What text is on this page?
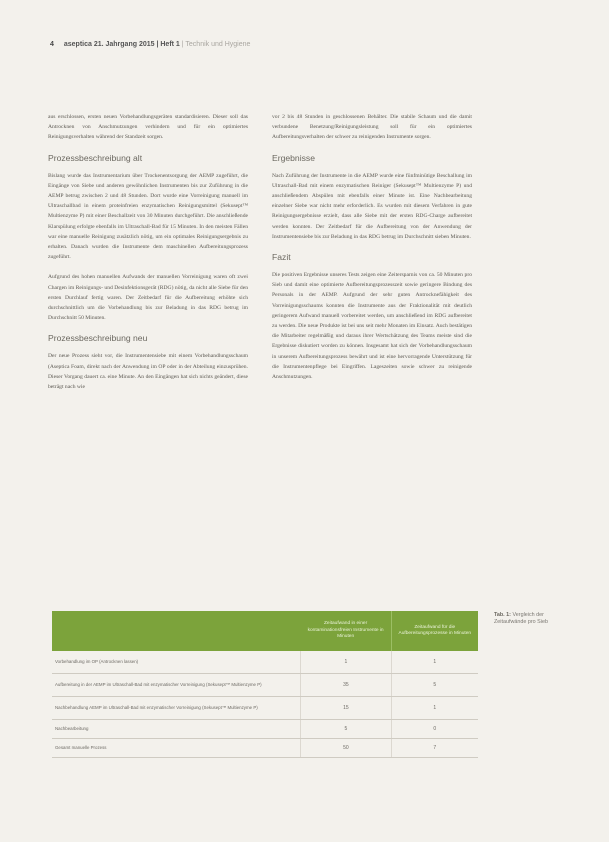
4 aseptica 21. Jahrgang 2015 | Heft 1 | Technik und Hygiene

aus erschlossen, ersten neuen Vorbehandlungsgeräten standardisieren. Dieser soll das Antrocknen von Anschmutzungen verhindern und für ein optimiertes Reinigungsverhalten während der Standzeit sorgen.

Prozessbeschreibung alt

Bislang wurde das Instrumentarium über Trockenentsorgung der AEMP zugeführt, die Eingänge von Siebe und anderen gewöhnlichen Instrumenten bis zur Zuführung in die AEMP betrug zwischen 2 und 48 Stunden. Dort wurde eine Vorreinigung manuell im Ultraschallbad in einem proteinfreien enzymatischen Reinigungsmittel (Sekusept™ Multienzyme P) mit einer Beschallzeit von 30 Minuten durchgeführt. Die anschließende Klarspülung erfolgte ebenfalls im Ultraschall-Bad für 15 Minuten. In den meisten Fällen war eine manuelle Reinigung zusätzlich nötig, um ein optimales Reinigungsergebnis zu erhalten. Danach wurden die Instrumente dem maschinellen Aufbereitungsprozess zugeführt.

Aufgrund des hohen manuellen Aufwands der manuellen Vorreinigung waren oft zwei Chargen im Reinigungs- und Desinfektionsgerät (RDG) nötig, da nicht alle Siebe für den ersten Durchlauf fertig waren. Der Zeitbedarf für die Aufbereitung erhöhte sich durchschnittlich um die Vorbehandlung bis zur Beladung in das RDG betrug im Durchschnitt 50 Minuten.

Prozessbeschreibung neu

Der neue Prozess sieht vor, die Instrumentensiebe mit einem Vorbehandlungsschaum (Aseptica Foam, direkt nach der Anwendung im OP oder in der Abteilung einzusprühen. Dieser Vorgang dauert ca. eine Minute. An den Eingängen hat sich nichts geändert, diese beträgt nach wie

vor 2 bis 48 Stunden in geschlossenen Behälter. Die stabile Schaum und die damit verbundene Benetzung/Reinigungsleistung soll für ein optimiertes Aufbereitungsverhalten der schwer zu reinigenden Instrumente sorgen.

Ergebnisse

Nach Zuführung der Instrumente in die AEMP wurde eine fünfminütige Beschallung im Ultraschall-Bad mit einem enzymatischen Reiniger (Sekusept™ Multienzyme P) und anschließendem Abspülen mit ebenfalls einer Minute ist. Eine Nachbearbeitung einzelner Siebe war nicht mehr erforderlich. Es wurden mit diesem Verfahren in gute Reinigungsergebnisse erzielt, dass alle Siebe mit der ersten RDG-Charge aufbereitet werden konnten. Der Zeitbedarf für die Aufbereitung von der Anwendung der Instrumentensiebe bis zur Beladung in das RDG betrug im Durchschnitt sieben Minuten.

Fazit

Die positiven Ergebnisse unseres Tests zeigen eine Zeitersparnis von ca. 50 Minuten pro Sieb und damit eine optimierte Aufbereitungsprozesszeit sowie geringere Bindung des Personals in der AEMP. Aufgrund der sehr guten Antrocknefähigkeit des Vorreinigungsschaums konnten die Instrumente aus der Fraktionalität mit deutlich geringerem Aufwand manuell vorbereitet werden, um anschließend im RDG aufbereitet zu werden. Die neue Produkte ist bei uns seit mehr Monaten im Einsatz. Auch bestätigen die Mitarbeiter regelmäßig und daraus ihrer Wertschätzung des Teams meiste sind die Ergebnisse diskutiert worden zu können. Insgesamt hat sich der Vorbehandlungsschaum in unserem Aufbereitungsprozess bewährt und ist eine hervorragende Unterstützung für die Instrumentenpflege bei Eingriffen. Lageszeiten sowie schwer zu reinigende Anschmutzungen.

	Zeitaufwand in einer kontaminationsfreien Instrumente in Minuten	Zeitaufwand für die Aufbereitungsprozesse in Minuten
Vorbehandlung im OP (Antrocknen lassen)	1	1
Aufbereitung in der AEMP im Ultraschall-Bad mit enzymatischer Vorreinigung (Sekusept™ Multienzyme P)	35	5
Nachbehandlung AEMP im Ultraschall-Bad mit enzymatischer Vorreinigung (Sekusept™ Multienzyme P)	15	1
Nachbearbeitung	5	0
Gesamt manuelle Prozess	50	7
Tab. 1: Vergleich der Zeitaufwände pro Sieb
